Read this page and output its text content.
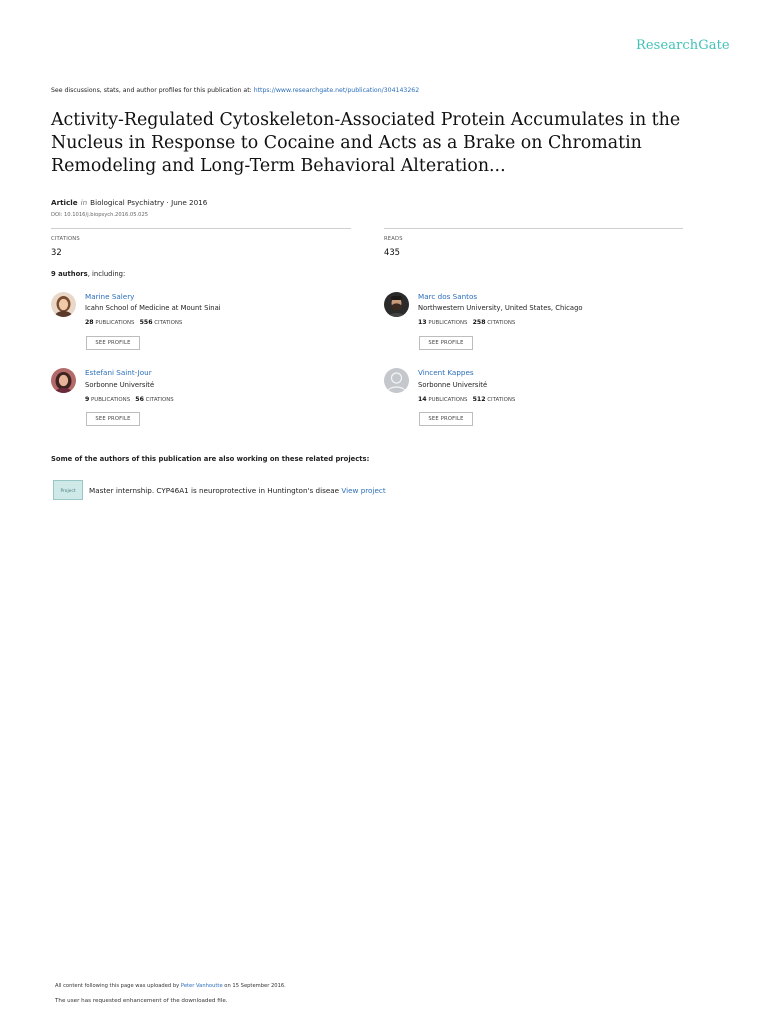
ResearchGate
See discussions, stats, and author profiles for this publication at: https://www.researchgate.net/publication/304143262
Activity-Regulated Cytoskeleton-Associated Protein Accumulates in the Nucleus in Response to Cocaine and Acts as a Brake on Chromatin Remodeling and Long-Term Behavioral Alteration...
Article in Biological Psychiatry · June 2016
DOI: 10.1016/j.biopsych.2016.05.025
CITATIONS
32
READS
435
9 authors, including:
Marine Salery
Icahn School of Medicine at Mount Sinai
28 PUBLICATIONS 556 CITATIONS
SEE PROFILE
Marc dos Santos
Northwestern University, United States, Chicago
13 PUBLICATIONS 258 CITATIONS
SEE PROFILE
Estefani Saint-Jour
Sorbonne Université
9 PUBLICATIONS 56 CITATIONS
SEE PROFILE
Vincent Kappes
Sorbonne Université
14 PUBLICATIONS 512 CITATIONS
SEE PROFILE
Some of the authors of this publication are also working on these related projects:
Project	Master internship. CYP46A1 is neuroprotective in Huntington's diseae View project
All content following this page was uploaded by Peter Vanhoutte on 15 September 2016.
The user has requested enhancement of the downloaded file.
